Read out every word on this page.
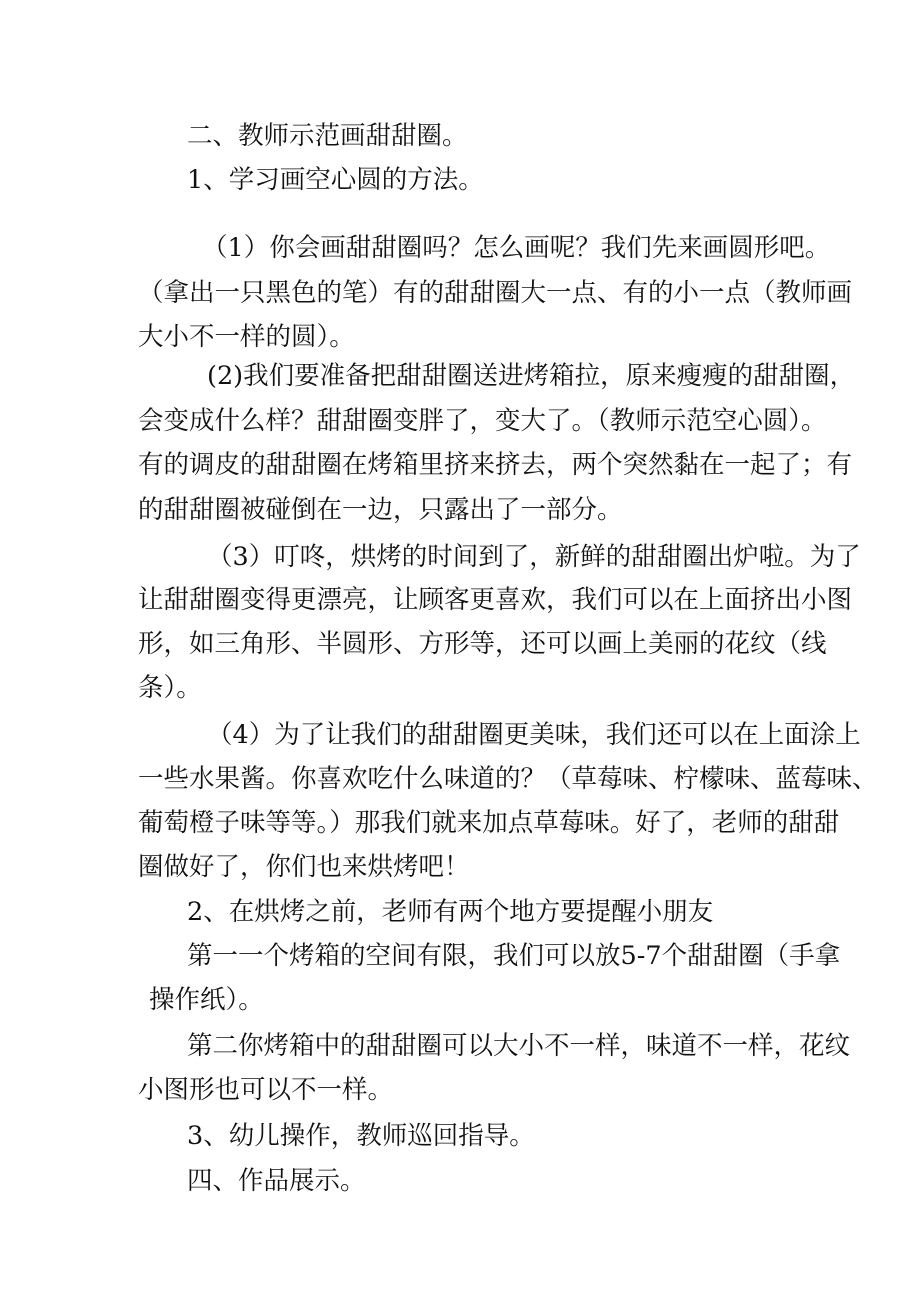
二、教师示范画甜甜圈。
1、学习画空心圆的方法。
（1）你会画甜甜圈吗？怎么画呢？我们先来画圆形吧。
（拿出一只黑色的笔）有的甜甜圈大一点、有的小一点（教师画
大小不一样的圆）。
(2)我们要准备把甜甜圈送进烤箱拉，原来瘦瘦的甜甜圈，
会变成什么样？甜甜圈变胖了，变大了。（教师示范空心圆）。
有的调皮的甜甜圈在烤箱里挤来挤去，两个突然黏在一起了；有
的甜甜圈被碰倒在一边，只露出了一部分。
（3）叮咚，烘烤的时间到了，新鲜的甜甜圈出炉啦。为了
让甜甜圈变得更漂亮，让顾客更喜欢，我们可以在上面挤出小图
形，如三角形、半圆形、方形等，还可以画上美丽的花纹（线
条）。
（4）为了让我们的甜甜圈更美味，我们还可以在上面涂上
一些水果酱。你喜欢吃什么味道的？（草莓味、柠檬味、蓝莓味、
葡萄橙子味等等。）那我们就来加点草莓味。好了，老师的甜甜
圈做好了，你们也来烘烤吧！
2、在烘烤之前，老师有两个地方要提醒小朋友
第一一个烤箱的空间有限，我们可以放5-7个甜甜圈（手拿
操作纸）。
第二你烤箱中的甜甜圈可以大小不一样，味道不一样，花纹
小图形也可以不一样。
3、幼儿操作，教师巡回指导。
四、作品展示。
